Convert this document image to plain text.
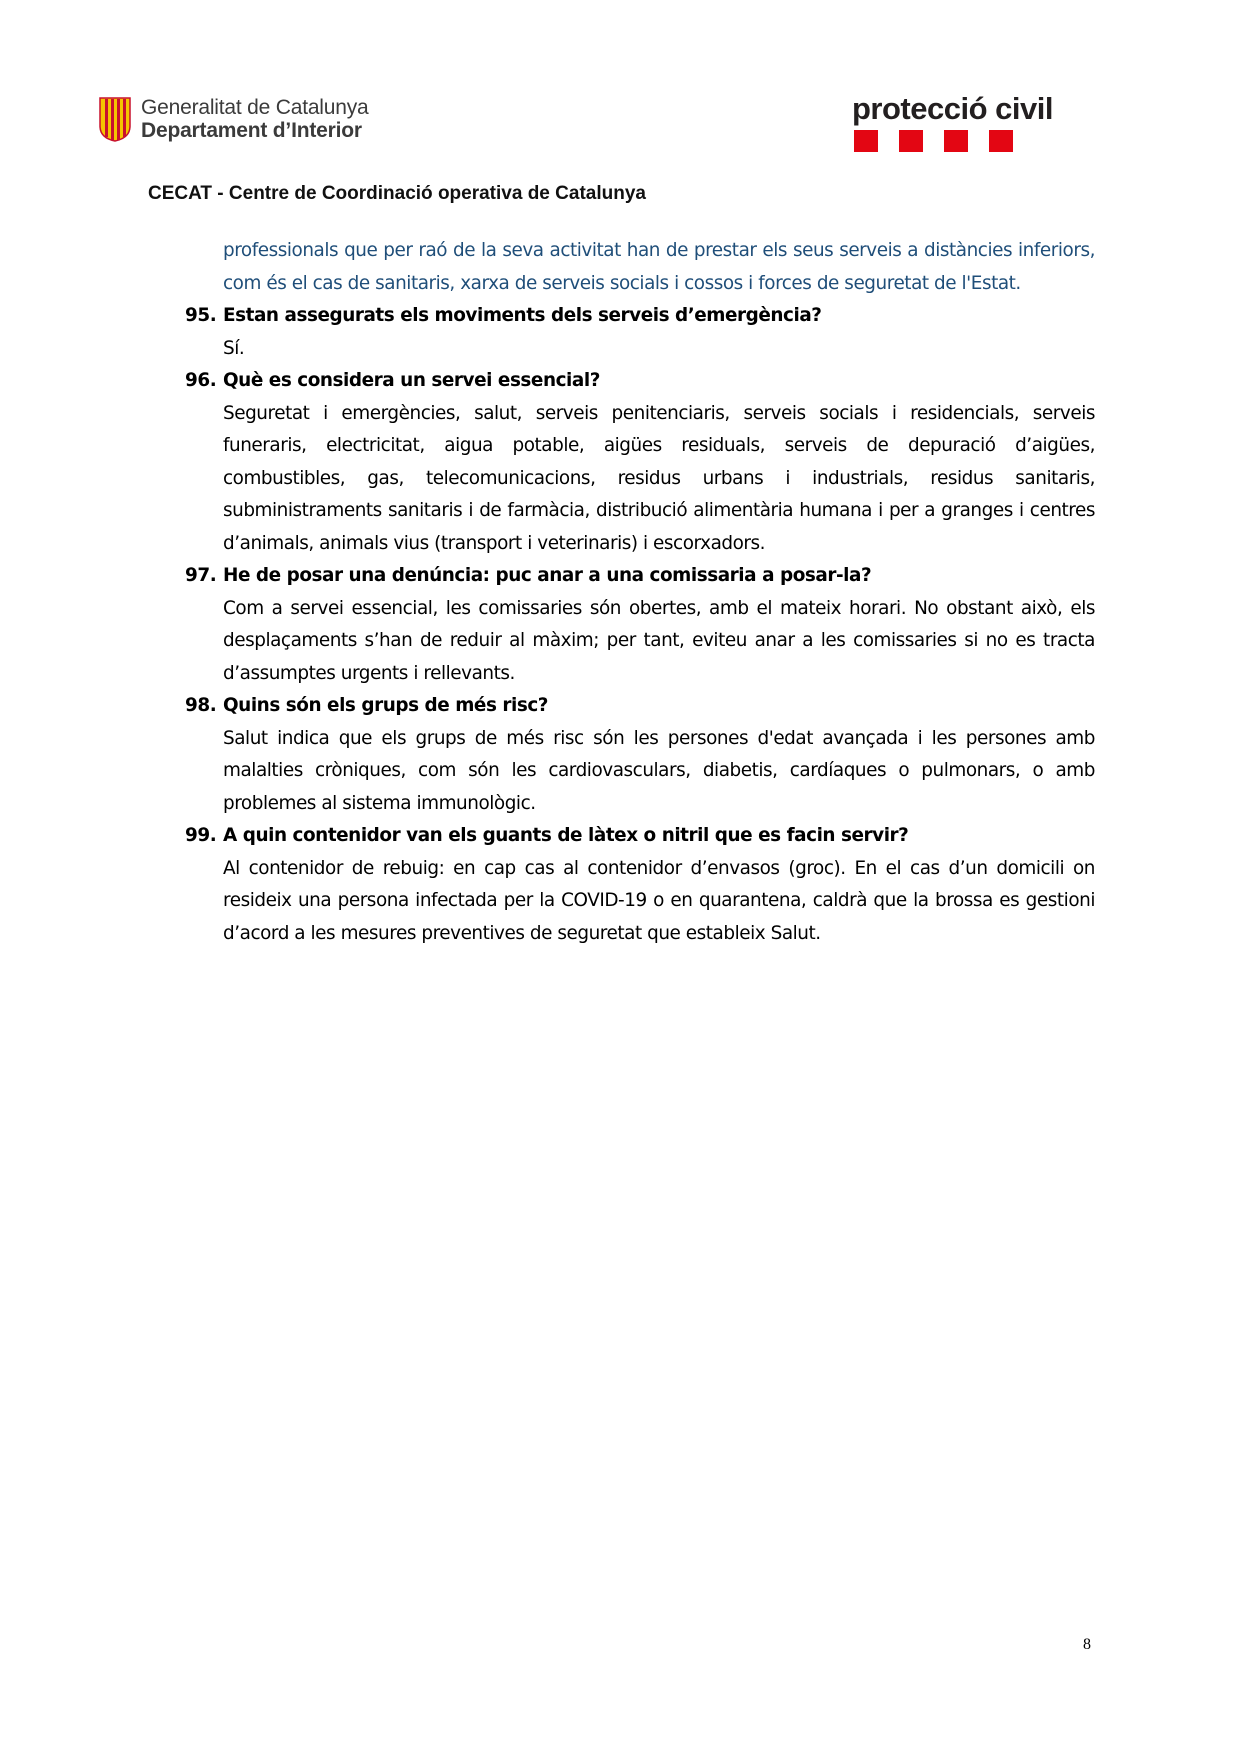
Generalitat de Catalunya
Departament d’Interior
protecció civil
CECAT - Centre de Coordinació operativa de Catalunya
professionals que per raó de la seva activitat han de prestar els seus serveis a distàncies inferiors, com és el cas de sanitaris, xarxa de serveis socials i cossos i forces de seguretat de l'Estat.
95. Estan assegurats els moviments dels serveis d’emergència?
Sí.
96. Què es considera un servei essencial?
Seguretat i emergències, salut, serveis penitenciaris, serveis socials i residencials, serveis funeraris, electricitat, aigua potable, aigües residuals, serveis de depuració d’aigües, combustibles, gas, telecomunicacions, residus urbans i industrials, residus sanitaris, subministraments sanitaris i de farmàcia, distribució alimentària humana i per a granges i centres d’animals, animals vius (transport i veterinaris) i escorxadors.
97. He de posar una denúncia: puc anar a una comissaria a posar-la?
Com a servei essencial, les comissaries són obertes, amb el mateix horari. No obstant això, els desplaçaments s’han de reduir al màxim; per tant, eviteu anar a les comissaries si no es tracta d’assumptes urgents i rellevants.
98. Quins són els grups de més risc?
Salut indica que els grups de més risc són les persones d'edat avançada i les persones amb malalties cròniques, com són les cardiovasculars, diabetis, cardíaques o pulmonars, o amb problemes al sistema immunològic.
99. A quin contenidor van els guants de làtex o nitril que es facin servir?
Al contenidor de rebuig: en cap cas al contenidor d’envasos (groc). En el cas d’un domicili on resideix una persona infectada per la COVID-19 o en quarantena, caldrà que la brossa es gestioni d’acord a les mesures preventives de seguretat que estableix Salut.
8
